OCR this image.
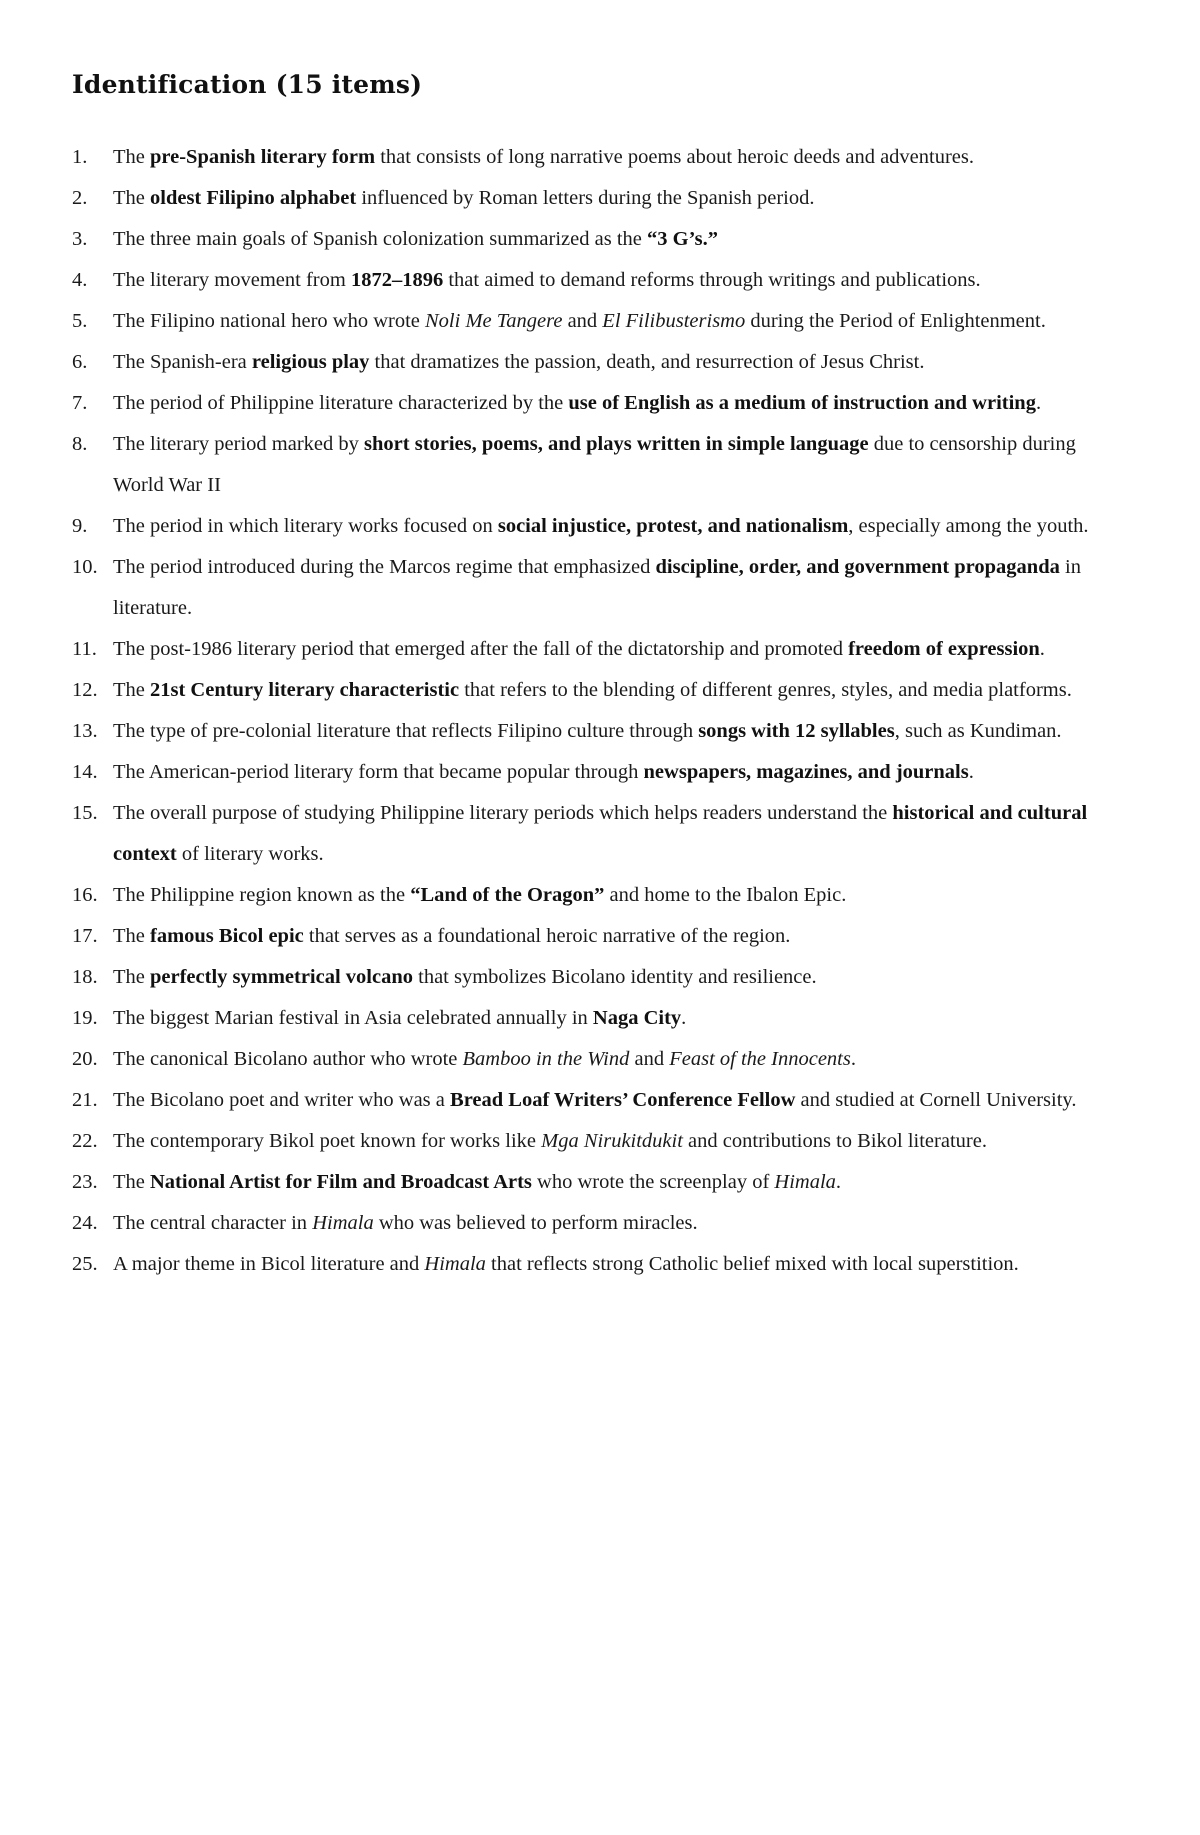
Identification (15 items)
1. The pre-Spanish literary form that consists of long narrative poems about heroic deeds and adventures.
2. The oldest Filipino alphabet influenced by Roman letters during the Spanish period.
3. The three main goals of Spanish colonization summarized as the “3 G’s.”
4. The literary movement from 1872–1896 that aimed to demand reforms through writings and publications.
5. The Filipino national hero who wrote Noli Me Tangere and El Filibusterismo during the Period of Enlightenment.
6. The Spanish-era religious play that dramatizes the passion, death, and resurrection of Jesus Christ.
7. The period of Philippine literature characterized by the use of English as a medium of instruction and writing.
8. The literary period marked by short stories, poems, and plays written in simple language due to censorship during World War II
9. The period in which literary works focused on social injustice, protest, and nationalism, especially among the youth.
10. The period introduced during the Marcos regime that emphasized discipline, order, and government propaganda in literature.
11. The post-1986 literary period that emerged after the fall of the dictatorship and promoted freedom of expression.
12. The 21st Century literary characteristic that refers to the blending of different genres, styles, and media platforms.
13. The type of pre-colonial literature that reflects Filipino culture through songs with 12 syllables, such as Kundiman.
14. The American-period literary form that became popular through newspapers, magazines, and journals.
15. The overall purpose of studying Philippine literary periods which helps readers understand the historical and cultural context of literary works.
16. The Philippine region known as the “Land of the Oragon” and home to the Ibalon Epic.
17. The famous Bicol epic that serves as a foundational heroic narrative of the region.
18. The perfectly symmetrical volcano that symbolizes Bicolano identity and resilience.
19. The biggest Marian festival in Asia celebrated annually in Naga City.
20. The canonical Bicolano author who wrote Bamboo in the Wind and Feast of the Innocents.
21. The Bicolano poet and writer who was a Bread Loaf Writers’ Conference Fellow and studied at Cornell University.
22. The contemporary Bikol poet known for works like Mga Nirukitdukit and contributions to Bikol literature.
23. The National Artist for Film and Broadcast Arts who wrote the screenplay of Himala.
24. The central character in Himala who was believed to perform miracles.
25. A major theme in Bicol literature and Himala that reflects strong Catholic belief mixed with local superstition.
